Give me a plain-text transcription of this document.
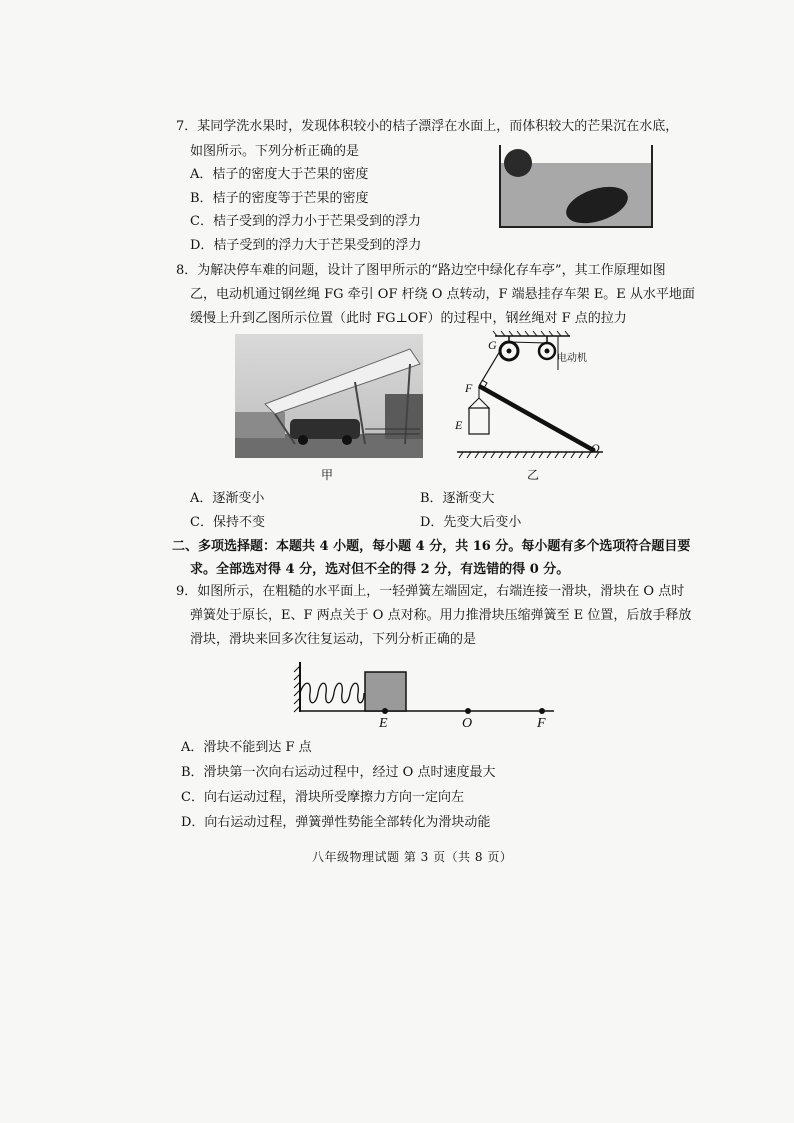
7．某同学洗水果时，发现体积较小的桔子漂浮在水面上，而体积较大的芒果沉在水底，
如图所示。下列分析正确的是
A．桔子的密度大于芒果的密度
B．桔子的密度等于芒果的密度
C．桔子受到的浮力小于芒果受到的浮力
D．桔子受到的浮力大于芒果受到的浮力
8．为解决停车难的问题，设计了图甲所示的“路边空中绿化存车亭”，其工作原理如图
乙，电动机通过钢丝绳 FG 牵引 OF 杆绕 O 点转动，F 端悬挂存车架 E。E 从水平地面
缓慢上升到乙图所示位置（此时 FG⊥OF）的过程中，钢丝绳对 F 点的拉力
甲
G
电动机
F
E
O
乙
A．逐渐变小	B．逐渐变大
C．保持不变	D．先变大后变小
二、多项选择题：本题共 4 小题，每小题 4 分，共 16 分。每小题有多个选项符合题目要
求。全部选对得 4 分，选对但不全的得 2 分，有选错的得 0 分。
9．如图所示，在粗糙的水平面上，一轻弹簧左端固定，右端连接一滑块，滑块在 O 点时
弹簧处于原长，E、F 两点关于 O 点对称。用力推滑块压缩弹簧至 E 位置，后放手释放
滑块，滑块来回多次往复运动，下列分析正确的是
E	O	F
A．滑块不能到达 F 点
B．滑块第一次向右运动过程中，经过 O 点时速度最大
C．向右运动过程，滑块所受摩擦力方向一定向左
D．向右运动过程，弹簧弹性势能全部转化为滑块动能
八年级物理试题 第 3 页（共 8 页）
